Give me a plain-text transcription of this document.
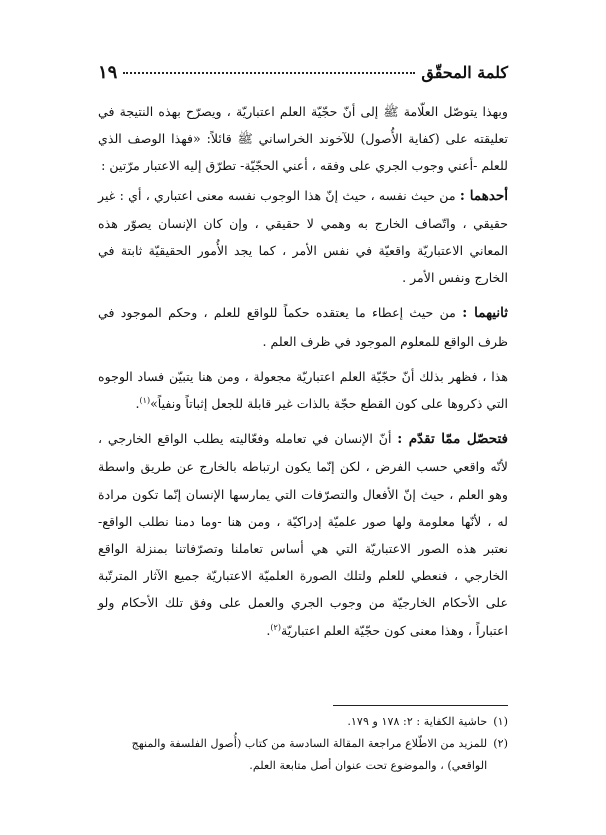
كلمة المحقّق
١٩

وبهذا يتوصّل العلّامة ﷺ إلى أنّ حجّيّة العلم اعتباريّة ، ويصرّح بهذه النتيجة في تعليقته على (كفاية الأُصول) للآخوند الخراساني ﷺ قائلاً: «فهذا الوصف الذي للعلم -أعني وجوب الجري على وفقه ، أعني الحجّيّة- تطرّق إليه الاعتبار مرّتين :

أحدهما : من حيث نفسه ، حيث إنّ هذا الوجوب نفسه معنى اعتباري ، أي : غير حقيقي ، واتّصاف الخارج به وهمي لا حقيقي ، وإن كان الإنسان يصوّر هذه المعاني الاعتباريّة واقعيّة في نفس الأمر ، كما يجد الأُمور الحقيقيّة ثابتة في الخارج ونفس الأمر .

ثانيهما : من حيث إعطاء ما يعتقده حكماً للواقع للعلم ، وحكم الموجود في ظرف الواقع للمعلوم الموجود في ظرف العلم .

هذا ، فظهر بذلك أنّ حجّيّة العلم اعتباريّة مجعولة ، ومن هنا يتبيّن فساد الوجوه التي ذكروها على كون القطع حجّة بالذات غير قابلة للجعل إثباتاً ونفياً»$^{(١)}$.

فتحصّل ممّا تقدّم : أنّ الإنسان في تعامله وفعّاليته يطلب الواقع الخارجي ، لأنّه واقعي حسب الفرض ، لكن إنّما يكون ارتباطه بالخارج عن طريق واسطة وهو العلم ، حيث إنّ الأفعال والتصرّفات التي يمارسها الإنسان إنّما تكون مرادة له ، لأنّها معلومة ولها صور علميّة إدراكيّة ، ومن هنا -وما دمنا نطلب الواقع- نعتبر هذه الصور الاعتباريّة التي هي أساس تعاملنا وتصرّفاتنا بمنزلة الواقع الخارجي ، فنعطي للعلم ولتلك الصورة العلميّة الاعتباريّة جميع الآثار المترتّبة على الأحكام الخارجيّة من وجوب الجري والعمل على وفق تلك الأحكام ولو اعتباراً ، وهذا معنى كون حجّيّة العلم اعتباريّة$^{(٢)}$.

(١)
حاشية الكفاية : ٢: ١٧٨ و ١٧٩.
(٢)
للمزيد من الاطّلاع مراجعة المقالة السادسة من كتاب (أُصول الفلسفة والمنهج الواقعي) ، والموضوع تحت عنوان أصل متابعة العلم.
